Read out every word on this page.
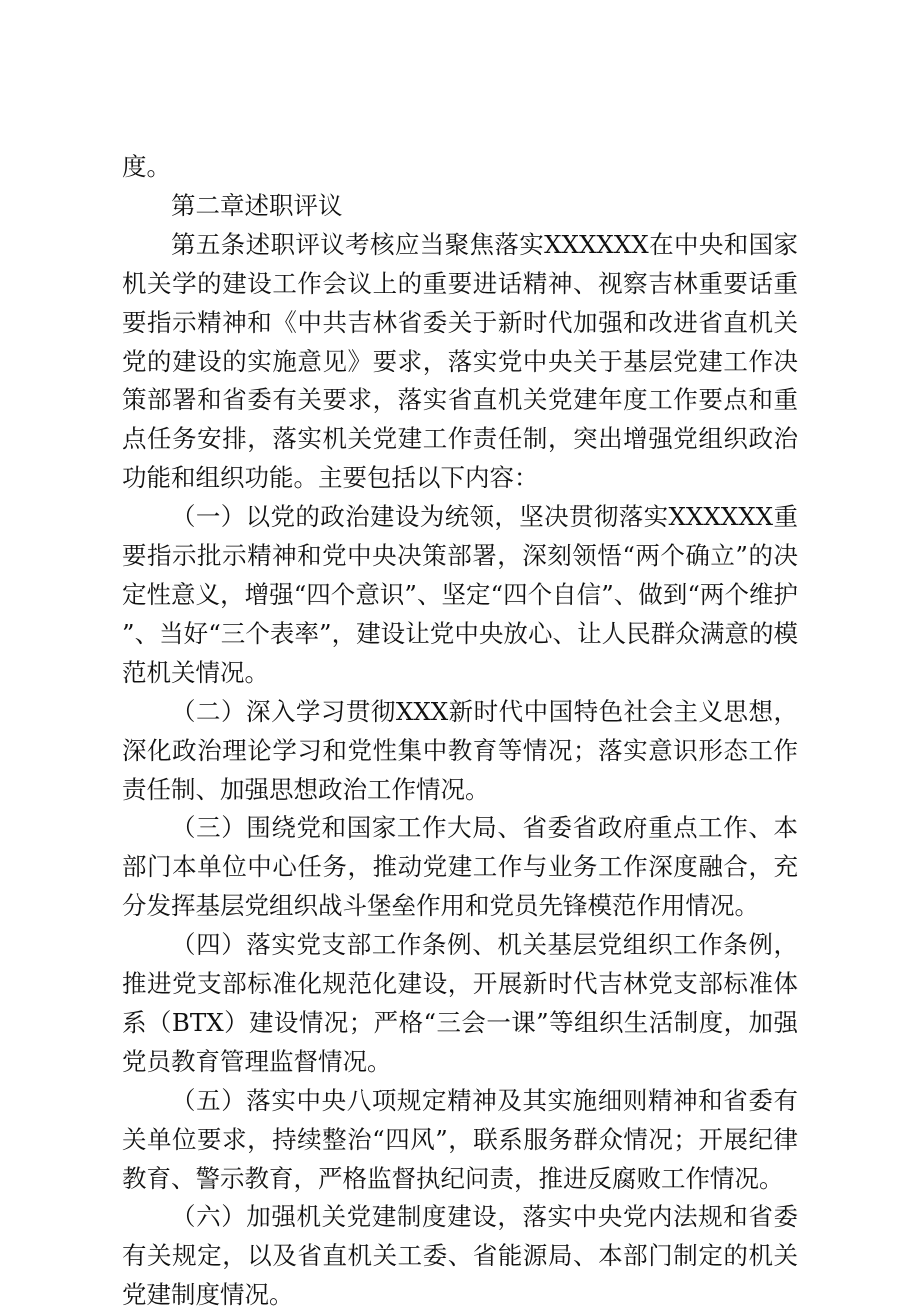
度。

第二章述职评议

第五条述职评议考核应当聚焦落实XXXXXX在中央和国家机关学的建设工作会议上的重要进话精神、视察吉林重要话重要指示精神和《中共吉林省委关于新时代加强和改进省直机关党的建设的实施意见》要求，落实党中央关于基层党建工作决策部署和省委有关要求，落实省直机关党建年度工作要点和重点任务安排，落实机关党建工作责任制，突出增强党组织政治功能和组织功能。主要包括以下内容：

（一）以党的政治建设为统领，坚决贯彻落实XXXXXX重要指示批示精神和党中央决策部署，深刻领悟“两个确立”的决定性意义，增强“四个意识”、坚定“四个自信”、做到“两个维护”、当好“三个表率”，建设让党中央放心、让人民群众满意的模范机关情况。

（二）深入学习贯彻XXX新时代中国特色社会主义思想，深化政治理论学习和党性集中教育等情况；落实意识形态工作责任制、加强思想政治工作情况。

（三）围绕党和国家工作大局、省委省政府重点工作、本部门本单位中心任务，推动党建工作与业务工作深度融合，充分发挥基层党组织战斗堡垒作用和党员先锋模范作用情况。

（四）落实党支部工作条例、机关基层党组织工作条例，推进党支部标准化规范化建设，开展新时代吉林党支部标准体系（BTX）建设情况；严格“三会一课”等组织生活制度，加强党员教育管理监督情况。

（五）落实中央八项规定精神及其实施细则精神和省委有关单位要求，持续整治“四风”，联系服务群众情况；开展纪律教育、警示教育，严格监督执纪问责，推进反腐败工作情况。

（六）加强机关党建制度建设，落实中央党内法规和省委有关规定，以及省直机关工委、省能源局、本部门制定的机关党建制度情况。
